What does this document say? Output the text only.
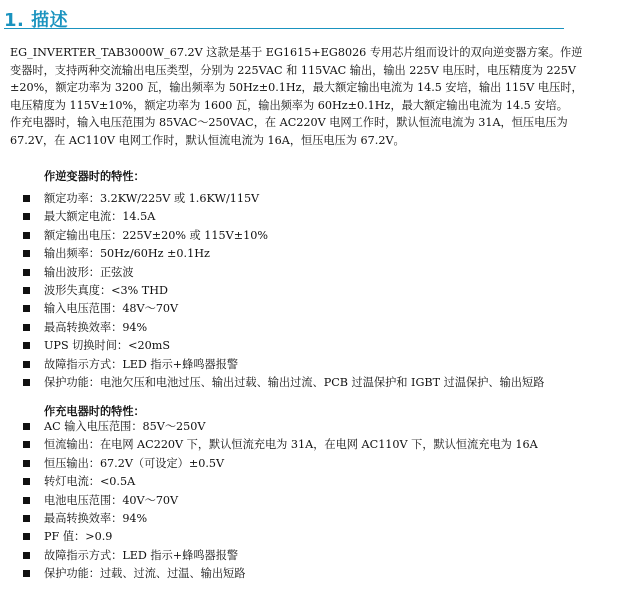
1. 描述
EG_INVERTER_TAB3000W_67.2V 这款是基于 EG1615+EG8026 专用芯片组而设计的双向逆变器方案。作逆
变器时，支持两种交流输出电压类型，分别为 225VAC 和 115VAC 输出，输出 225V 电压时，电压精度为 225V
±20%，额定功率为 3200 瓦，输出频率为 50Hz±0.1Hz，最大额定输出电流为 14.5 安培，输出 115V 电压时，
电压精度为 115V±10%，额定功率为 1600 瓦，输出频率为 60Hz±0.1Hz，最大额定输出电流为 14.5 安培。
作充电器时，输入电压范围为 85VAC～250VAC，在 AC220V 电网工作时，默认恒流电流为 31A，恒压电压为
67.2V，在 AC110V 电网工作时，默认恒流电流为 16A，恒压电压为 67.2V。
作逆变器时的特性：
额定功率：3.2KW/225V 或 1.6KW/115V
最大额定电流：14.5A
额定输出电压：225V±20% 或 115V±10%
输出频率：50Hz/60Hz ±0.1Hz
输出波形：正弦波
波形失真度：<3% THD
输入电压范围：48V～70V
最高转换效率：94%
UPS 切换时间：<20mS
故障指示方式：LED 指示+蜂鸣器报警
保护功能：电池欠压和电池过压、输出过载、输出过流、PCB 过温保护和 IGBT 过温保护、输出短路
作充电器时的特性：
AC 输入电压范围：85V～250V
恒流输出：在电网 AC220V 下，默认恒流充电为 31A，在电网 AC110V 下，默认恒流充电为 16A
恒压输出：67.2V（可设定）±0.5V
转灯电流：<0.5A
电池电压范围：40V～70V
最高转换效率：94%
PF 值：>0.9
故障指示方式：LED 指示+蜂鸣器报警
保护功能：过载、过流、过温、输出短路
